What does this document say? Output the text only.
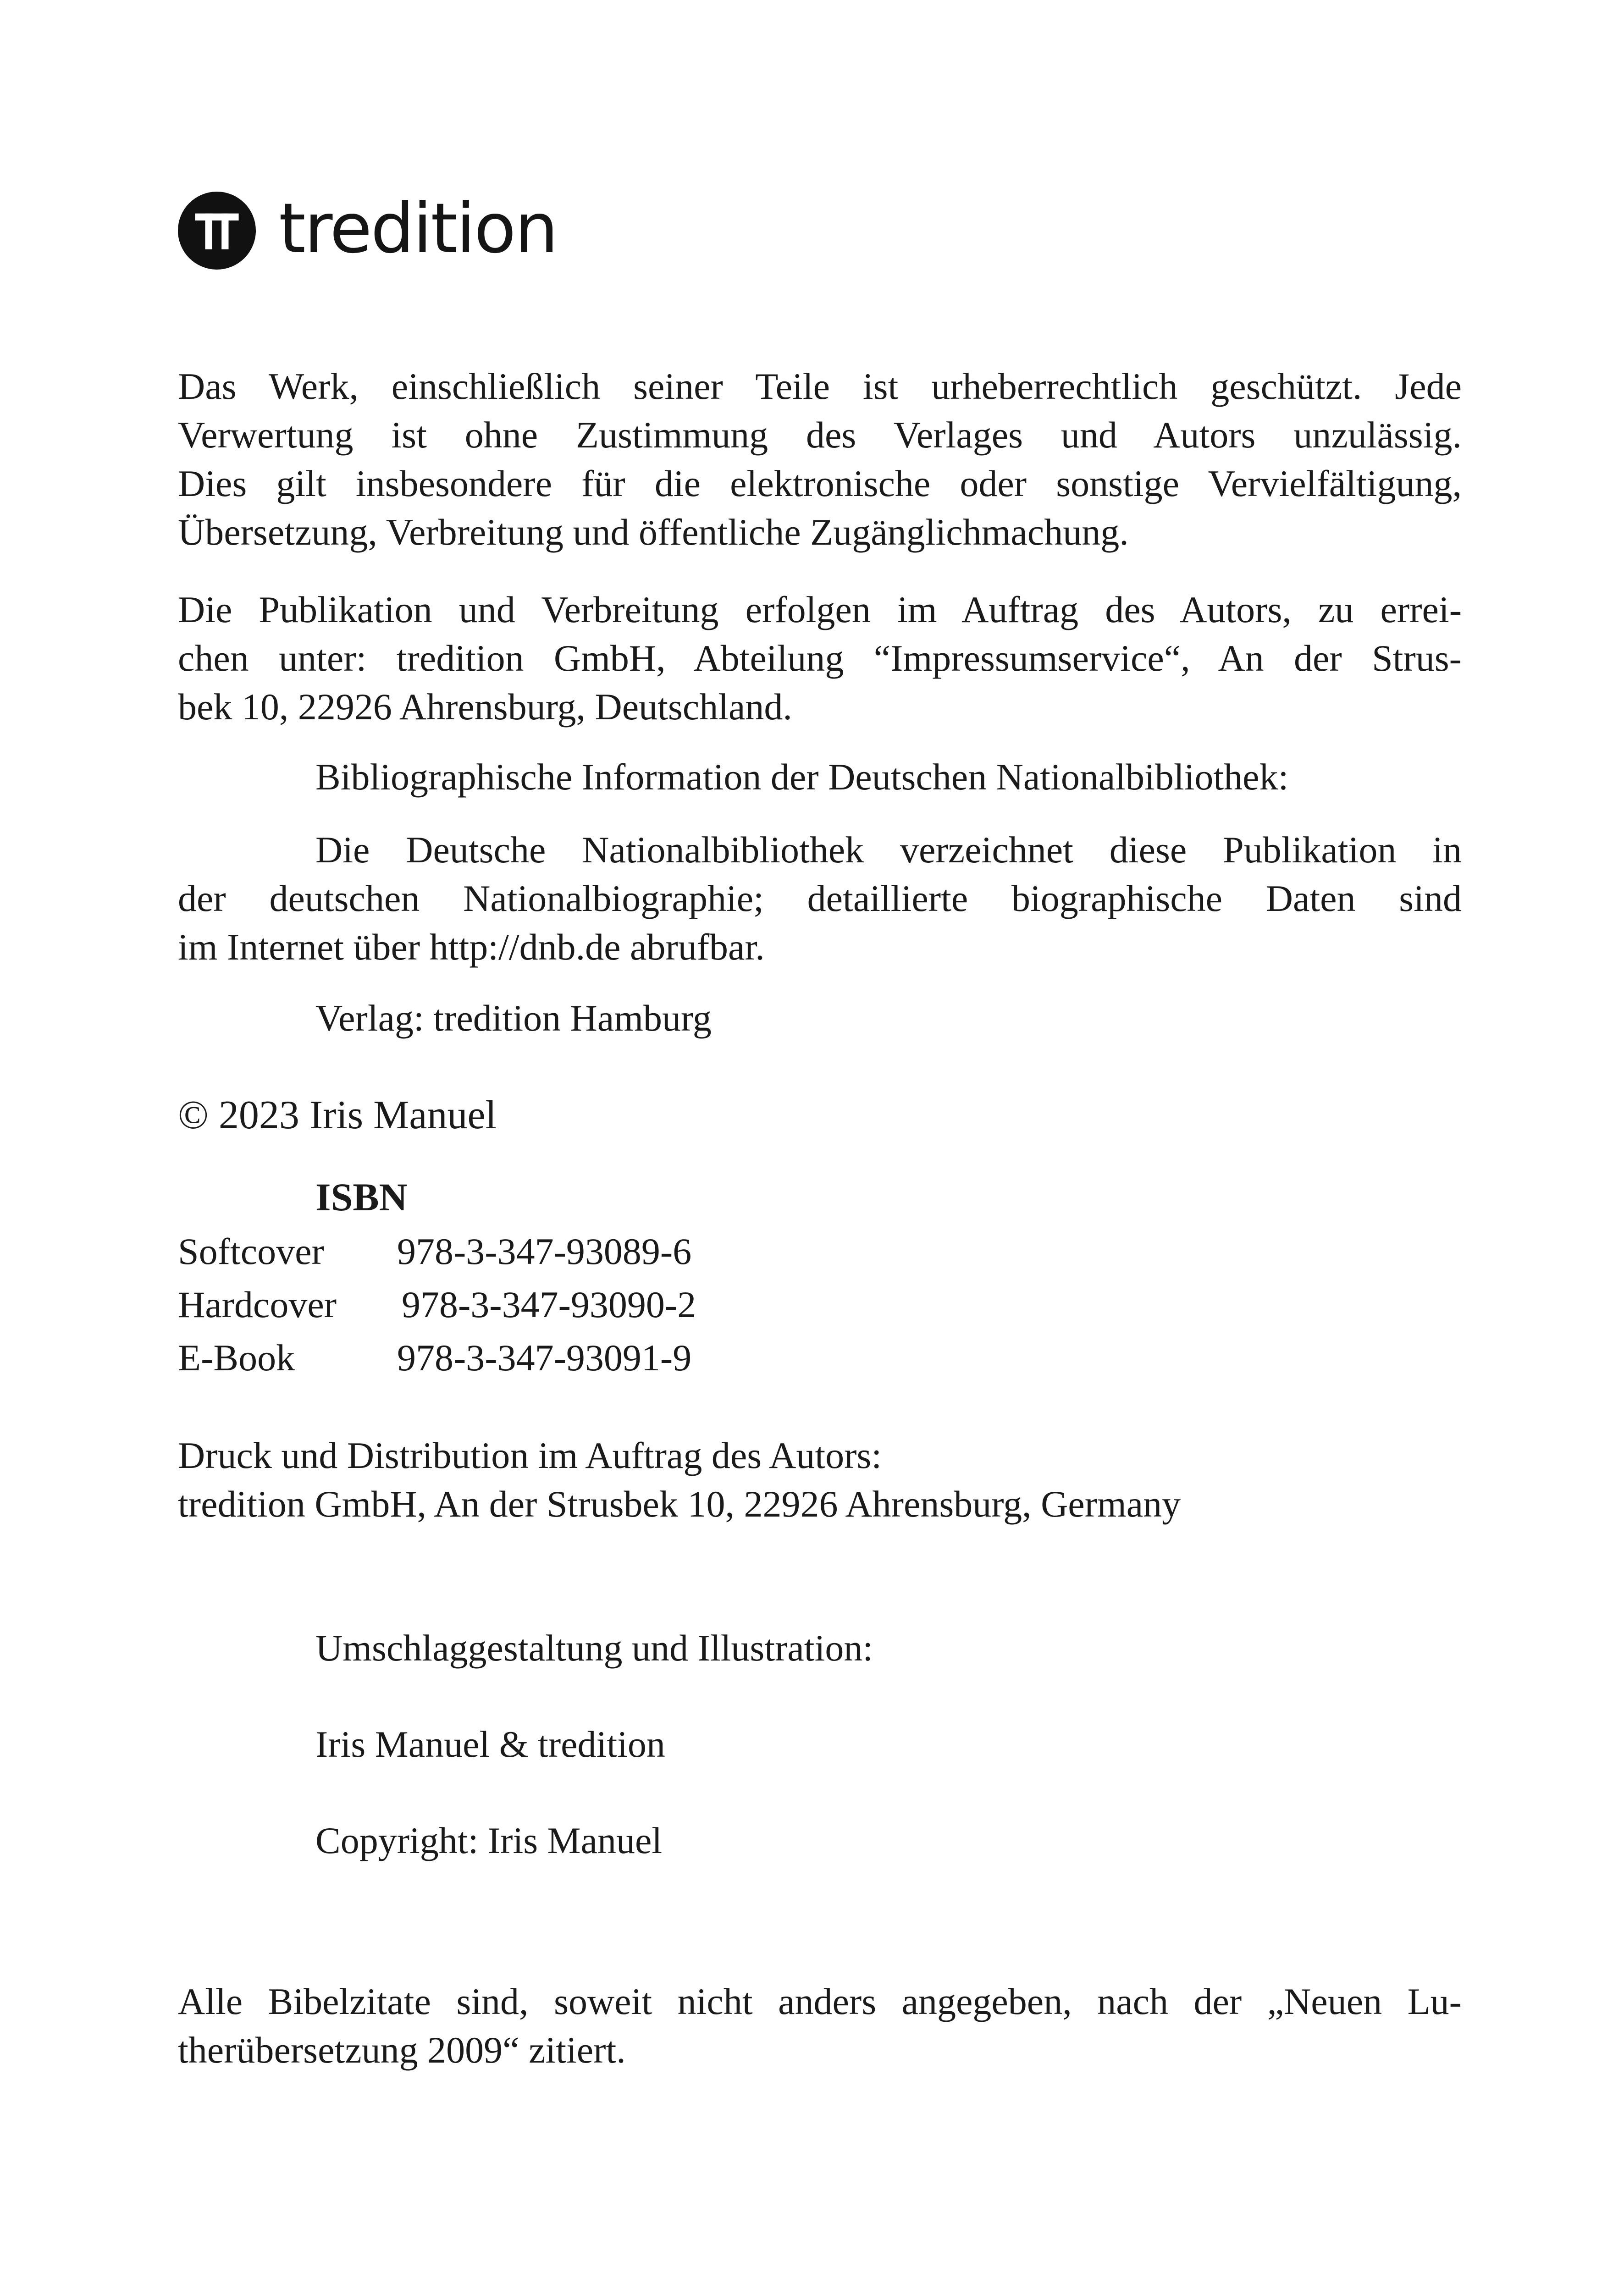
tredition
Das Werk, einschließlich seiner Teile ist urheberrechtlich geschützt. Jede
Verwertung ist ohne Zustimmung des Verlages und Autors unzulässig.
Dies gilt insbesondere für die elektronische oder sonstige Vervielfältigung,
Übersetzung, Verbreitung und öffentliche Zugänglichmachung.
Die Publikation und Verbreitung erfolgen im Auftrag des Autors, zu errei-
chen unter: tredition GmbH, Abteilung “Impressumservice“, An der Strus-
bek 10, 22926 Ahrensburg, Deutschland.
Bibliographische Information der Deutschen Nationalbibliothek:
Die Deutsche Nationalbibliothek verzeichnet diese Publikation in
der deutschen Nationalbiographie; detaillierte biographische Daten sind
im Internet über http://dnb.de abrufbar.
Verlag: tredition Hamburg
© 2023 Iris Manuel
ISBN
Softcover 978-3-347-93089-6
Hardcover 978-3-347-93090-2
E-Book	978-3-347-93091-9
Druck und Distribution im Auftrag des Autors:
tredition GmbH, An der Strusbek 10, 22926 Ahrensburg, Germany
Umschlaggestaltung und Illustration:
Iris Manuel & tredition
Copyright: Iris Manuel
Alle Bibelzitate sind, soweit nicht anders angegeben, nach der „Neuen Lu-
therübersetzung 2009“ zitiert.
